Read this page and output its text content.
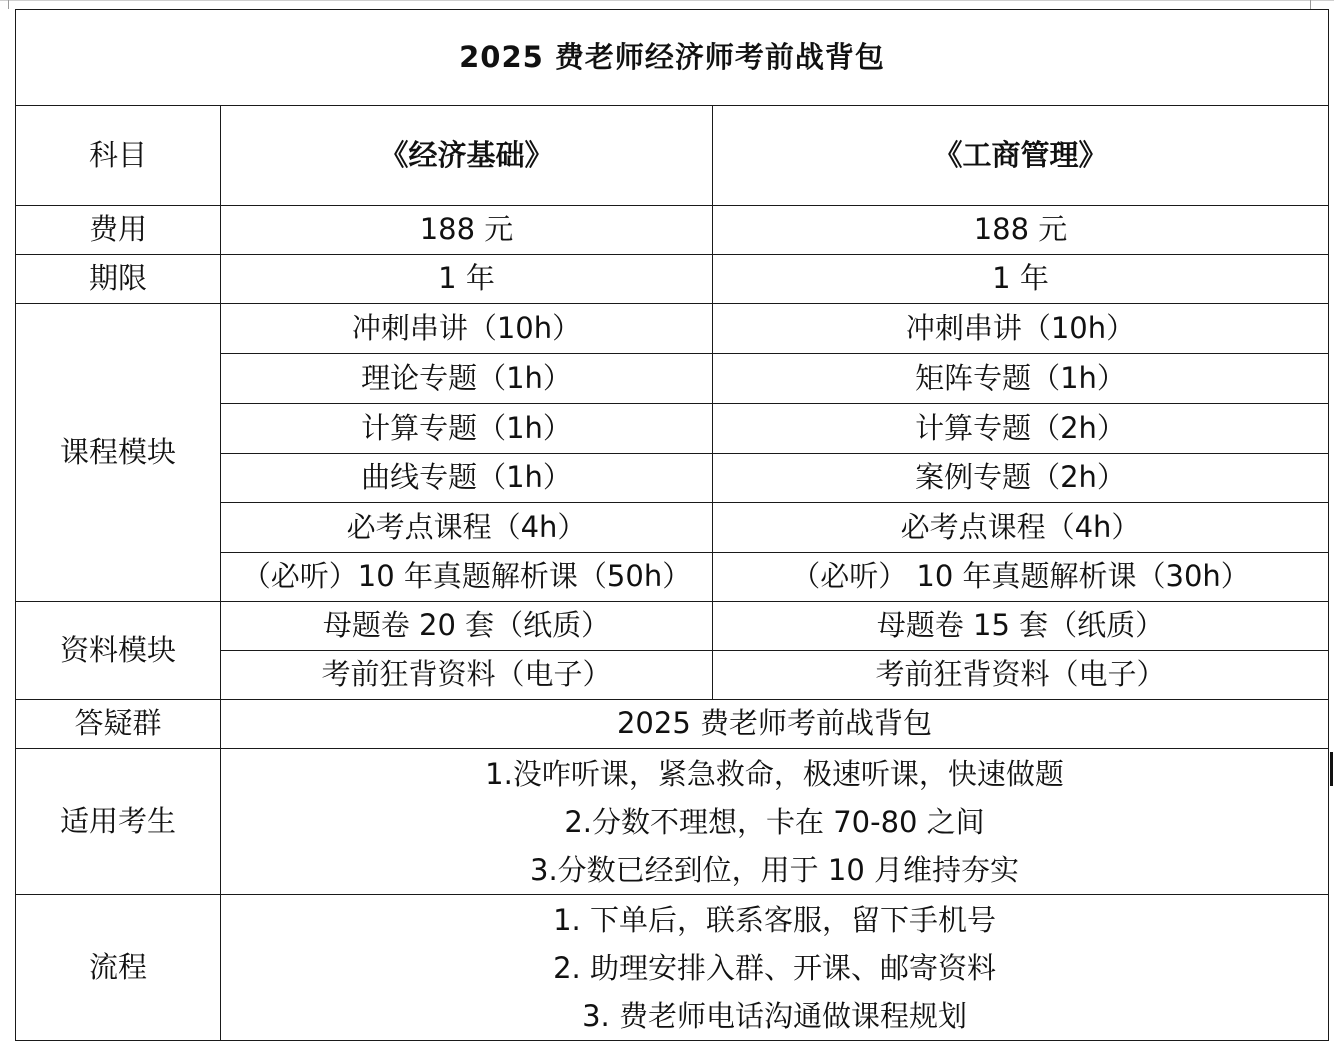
2025 费老师经济师考前战背包		
科目	《经济基础》	《工商管理》
费用	188 元	188 元
期限	1 年	1 年
课程模块	冲刺串讲（10h）	冲刺串讲（10h）
	理论专题（1h）	矩阵专题（1h）
	计算专题（1h）	计算专题（2h）
	曲线专题（1h）	案例专题（2h）
	必考点课程（4h）	必考点课程（4h）
	（必听）10 年真题解析课（50h）	（必听） 10 年真题解析课（30h）
资料模块	母题卷 20 套（纸质）	母题卷 15 套（纸质）
	考前狂背资料（电子）	考前狂背资料（电子）
答疑群	2025 费老师考前战背包	
适用考生	1.没咋听课，紧急救命，极速听课，快速做题
2.分数不理想，卡在 70-80 之间
3.分数已经到位，用于 10 月维持夯实	

流程	1. 下单后，联系客服，留下手机号
2. 助理安排入群、开课、邮寄资料
3. 费老师电话沟通做课程规划	
